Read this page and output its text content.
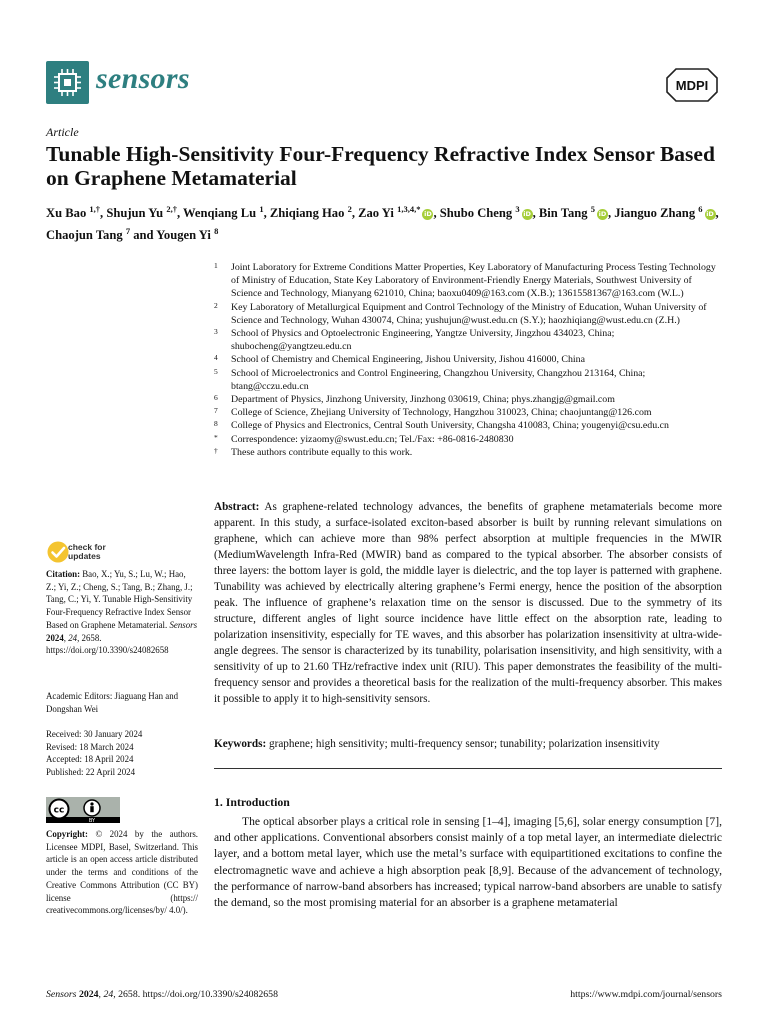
sensors	MDPI
Article
Tunable High-Sensitivity Four-Frequency Refractive Index Sensor Based on Graphene Metamaterial
Xu Bao $^{1,\dagger}$, Shujun Yu $^{2,\dagger}$, Wenqiang Lu $^1$, Zhiqiang Hao $^2$, Zao Yi $^{1,3,4,*}$ iD , Shubo Cheng $^3$ iD , Bin Tang $^5$ iD , Jianguo Zhang $^6$ iD , Chaojun Tang $^7$ and Yougen Yi $^8$
1 Joint Laboratory for Extreme Conditions Matter Properties, Key Laboratory of Manufacturing Process Testing Technology of Ministry of Education, State Key Laboratory of Environment-Friendly Energy Materials, Southwest University of Science and Technology, Mianyang 621010, China; baoxu0409@163.com (X.B.); 13615581367@163.com (W.L.)
2 Key Laboratory of Metallurgical Equipment and Control Technology of the Ministry of Education, Wuhan University of Science and Technology, Wuhan 430074, China; yushujun@wust.edu.cn (S.Y.); haozhiqiang@wust.edu.cn (Z.H.)
3 School of Physics and Optoelectronic Engineering, Yangtze University, Jingzhou 434023, China; shubocheng@yangtzeu.edu.cn
4 School of Chemistry and Chemical Engineering, Jishou University, Jishou 416000, China
5 School of Microelectronics and Control Engineering, Changzhou University, Changzhou 213164, China; btang@cczu.edu.cn
6 Department of Physics, Jinzhong University, Jinzhong 030619, China; phys.zhangjg@gmail.com
7 College of Science, Zhejiang University of Technology, Hangzhou 310023, China; chaojuntang@126.com
8 College of Physics and Electronics, Central South University, Changsha 410083, China; yougenyi@csu.edu.cn
* Correspondence: yizaomy@swust.edu.cn; Tel./Fax: +86-0816-2480830
† These authors contribute equally to this work.
check for
updates
Citation: Bao, X.; Yu, S.; Lu, W.; Hao, Z.; Yi, Z.; Cheng, S.; Tang, B.; Zhang, J.; Tang, C.; Yi, Y. Tunable High-Sensitivity Four-Frequency Refractive Index Sensor Based on Graphene Metamaterial. Sensors 2024, 24, 2658. https://doi.org/10.3390/s24082658
Academic Editors: Jiaguang Han and Dongshan Wei
Received: 30 January 2024
Revised: 18 March 2024
Accepted: 18 April 2024
Published: 22 April 2024
cc
BY
Copyright: © 2024 by the authors. Licensee MDPI, Basel, Switzerland. This article is an open access article distributed under the terms and conditions of the Creative Commons Attribution (CC BY) license (https:// creativecommons.org/licenses/by/ 4.0/).
Abstract: As graphene-related technology advances, the benefits of graphene metamaterials become more apparent. In this study, a surface-isolated exciton-based absorber is built by running relevant simulations on graphene, which can achieve more than 98% perfect absorption at multiple frequencies in the MWIR (MediumWavelength Infra-Red (MWIR) band as compared to the typical absorber. The absorber consists of three layers: the bottom layer is gold, the middle layer is dielectric, and the top layer is patterned with graphene. Tunability was achieved by electrically altering graphene’s Fermi energy, hence the position of the absorption peak. The influence of graphene’s relaxation time on the sensor is discussed. Due to the symmetry of its structure, different angles of light source incidence have little effect on the absorption rate, leading to polarization insensitivity, especially for TE waves, and this absorber has polarization insensitivity at ultra-wide-angle degrees. The sensor is characterized by its tunability, polarisation insensitivity, and high sensitivity, with a sensitivity of up to 21.60 THz/refractive index unit (RIU). This paper demonstrates the feasibility of the multi-frequency sensor and provides a theoretical basis for the realization of the multi-frequency absorber. This makes it possible to apply it to high-sensitivity sensors.
Keywords: graphene; high sensitivity; multi-frequency sensor; tunability; polarization insensitivity
1. Introduction

The optical absorber plays a critical role in sensing [1–4], imaging [5,6], solar energy consumption [7], and other applications. Conventional absorbers consist mainly of a top metal layer, an intermediate dielectric layer, and a bottom metal layer, which use the metal’s surface with equipartitioned excitations to confine the electromagnetic wave and achieve a high absorption peak [8,9]. Because of the advancement of technology, the performance of narrow-band absorbers has increased; typical narrow-band absorbers are unable to satisfy the demand, so the most promising material for an absorber is a graphene metamaterial

Sensors 2024, 24, 2658. https://doi.org/10.3390/s24082658	https://www.mdpi.com/journal/sensors
